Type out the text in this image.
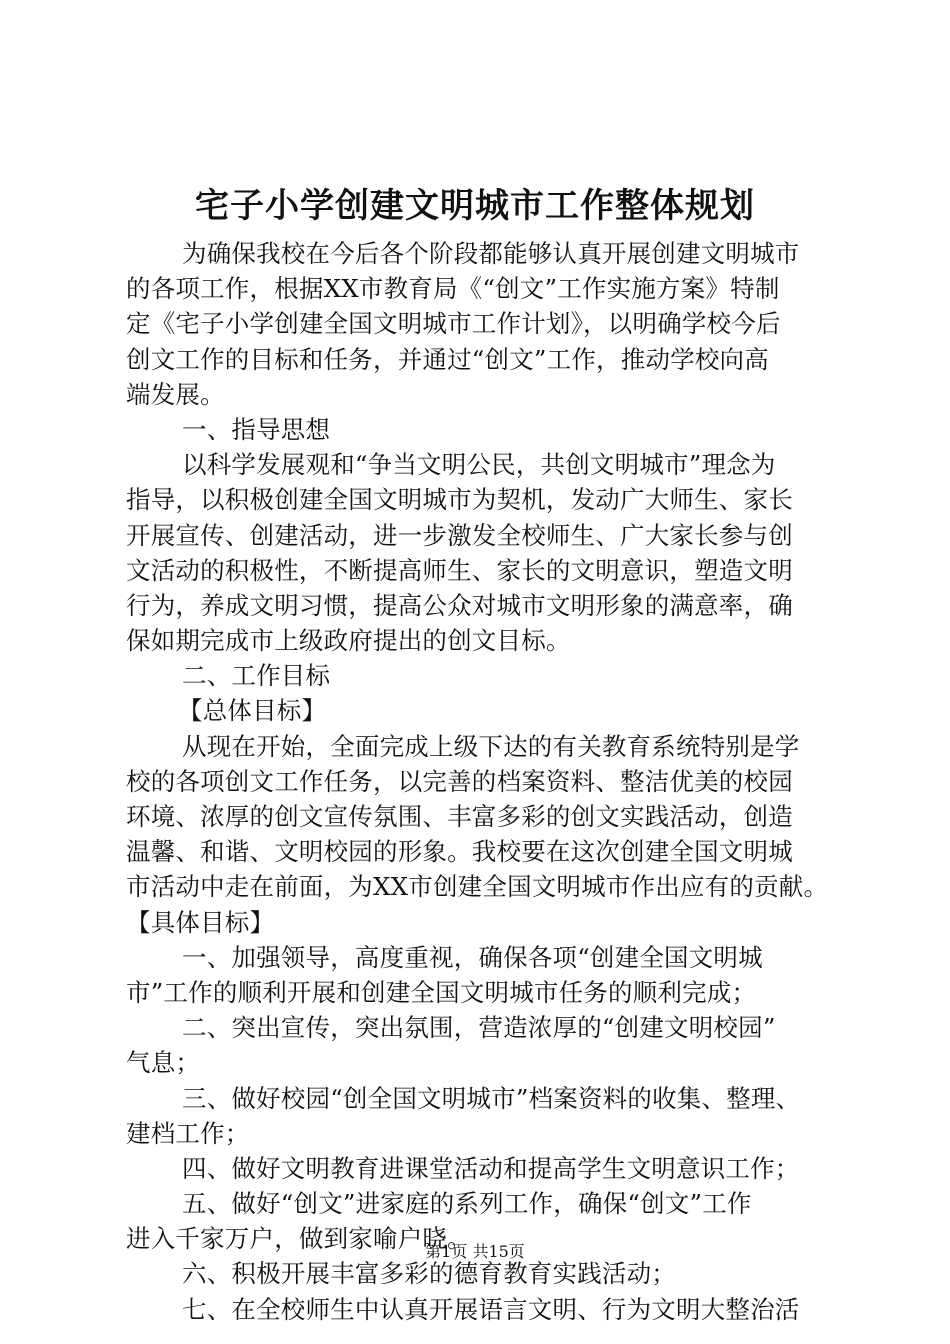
宅子小学创建文明城市工作整体规划
为确保我校在今后各个阶段都能够认真开展创建文明城市
的各项工作，根据XX市教育局《“创文”工作实施方案》特制
定《宅子小学创建全国文明城市工作计划》，以明确学校今后
创文工作的目标和任务，并通过“创文”工作，推动学校向高
端发展。
一、指导思想
以科学发展观和“争当文明公民，共创文明城市”理念为
指导，以积极创建全国文明城市为契机，发动广大师生、家长
开展宣传、创建活动，进一步激发全校师生、广大家长参与创
文活动的积极性，不断提高师生、家长的文明意识，塑造文明
行为，养成文明习惯，提高公众对城市文明形象的满意率，确
保如期完成市上级政府提出的创文目标。
二、工作目标
【总体目标】
从现在开始，全面完成上级下达的有关教育系统特别是学
校的各项创文工作任务，以完善的档案资料、整洁优美的校园
环境、浓厚的创文宣传氛围、丰富多彩的创文实践活动，创造
温馨、和谐、文明校园的形象。我校要在这次创建全国文明城
市活动中走在前面，为XX市创建全国文明城市作出应有的贡献。
【具体目标】
一、加强领导，高度重视，确保各项“创建全国文明城
市”工作的顺利开展和创建全国文明城市任务的顺利完成；
二、突出宣传，突出氛围，营造浓厚的“创建文明校园”
气息；
三、做好校园“创全国文明城市”档案资料的收集、整理、
建档工作；
四、做好文明教育进课堂活动和提高学生文明意识工作；
五、做好“创文”进家庭的系列工作，确保“创文”工作
进入千家万户，做到家喻户晓。
六、积极开展丰富多彩的德育教育实践活动；
七、在全校师生中认真开展语言文明、行为文明大整治活
第1页 共15页
